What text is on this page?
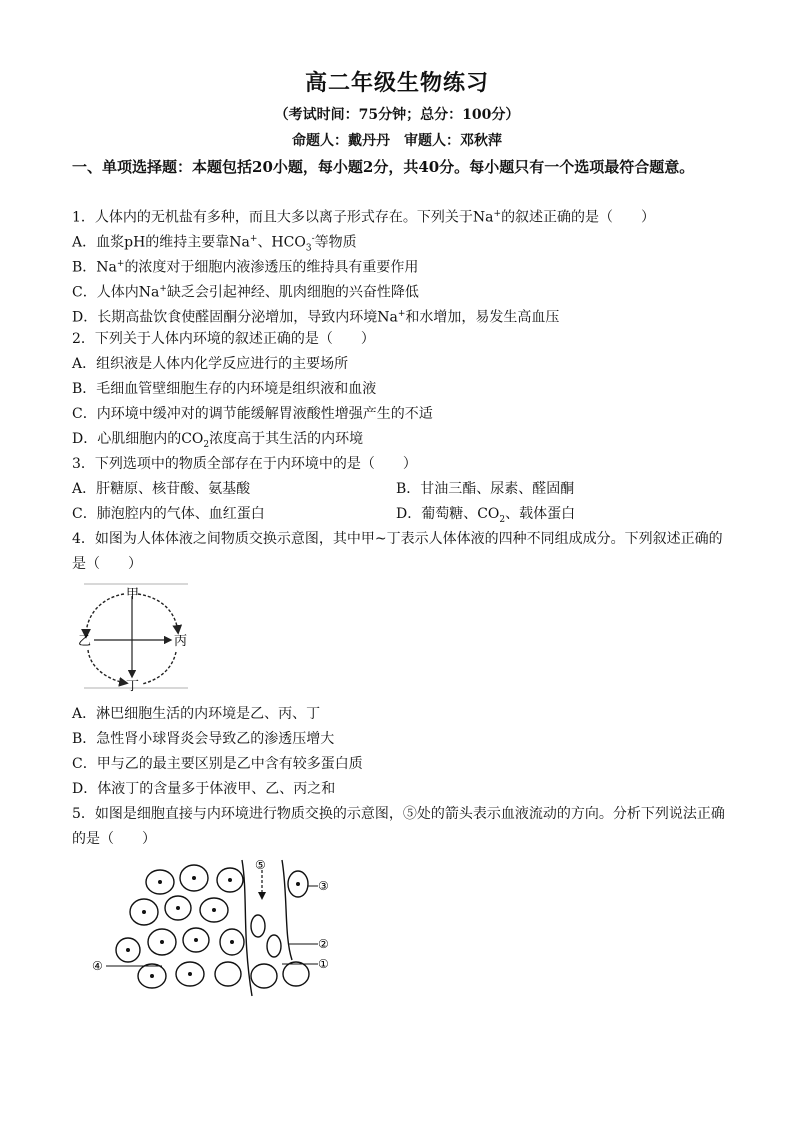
高二年级生物练习
（考试时间：75分钟；总分：100分）
命题人：戴丹丹　审题人：邓秋萍
一、单项选择题：本题包括20小题，每小题2分，共40分。每小题只有一个选项最符合题意。
1．人体内的无机盐有多种，而且大多以离子形式存在。下列关于Na+的叙述正确的是（　　）
A．血浆pH的维持主要靠Na+、$HCO_3^-$等物质
B．Na+的浓度对于细胞内液渗透压的维持具有重要作用
C．人体内Na+缺乏会引起神经、肌肉细胞的兴奋性降低
D．长期高盐饮食使醛固酮分泌增加，导致内环境Na+和水增加，易发生高血压
2．下列关于人体内环境的叙述正确的是（　　）
A．组织液是人体内化学反应进行的主要场所
B．毛细血管壁细胞生存的内环境是组织液和血液
C．内环境中缓冲对的调节能缓解胃液酸性增强产生的不适
D．心肌细胞内的$CO_2$浓度高于其生活的内环境
3．下列选项中的物质全部存在于内环境中的是（　　）
A．肝糖原、核苷酸、氨基酸	B．甘油三酯、尿素、醛固酮
C．肺泡腔内的气体、血红蛋白	D．葡萄糖、$CO_2$、载体蛋白
4．如图为人体体液之间物质交换示意图，其中甲~丁表示人体体液的四种不同组成成分。下列叙述正确的是（　　）
甲
乙	丙
丁
A．淋巴细胞生活的内环境是乙、丙、丁
B．急性肾小球肾炎会导致乙的渗透压增大
C．甲与乙的最主要区别是乙中含有较多蛋白质
D．体液丁的含量多于体液甲、乙、丙之和
5．如图是细胞直接与内环境进行物质交换的示意图，⑤处的箭头表示血液流动的方向。分析下列说法正确的是（　　）
⑤
③
②
①
④
